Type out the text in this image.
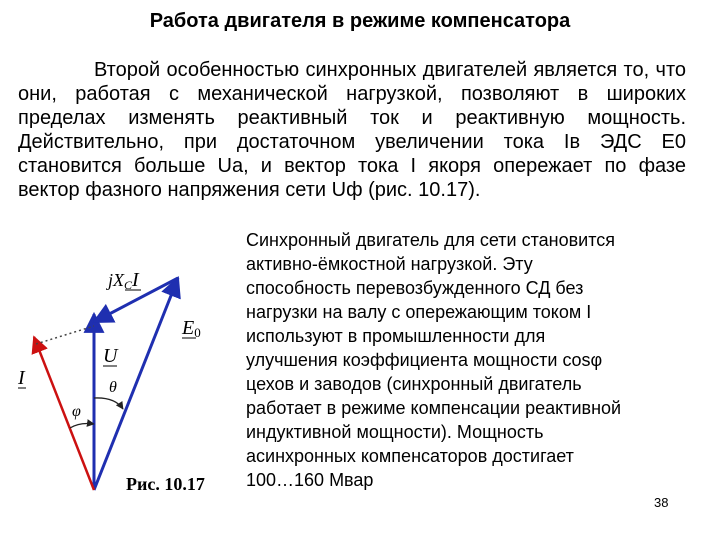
Работа двигателя в режиме компенсатора

Второй особенностью синхронных двигателей является то, что они, работая с механической нагрузкой, позволяют в широких пределах изменять реактивный ток и реактивную мощность. Действительно, при достаточном увеличении тока Iв ЭДС E0 становится больше Ua, и вектор тока I якоря опережает по фазе вектор фазного напряжения сети Uф (рис. 10.17).

jXCI
E0
U
θ
I
φ
Рис. 10.17

Синхронный двигатель для сети становится
активно-ёмкостной нагрузкой. Эту
способность перевозбужденного СД без
нагрузки на валу с опережающим током I
используют в промышленности для
улучшения коэффициента мощности cosφ
цехов и заводов (синхронный двигатель
работает в режиме компенсации реактивной
индуктивной мощности). Мощность
асинхронных компенсаторов достигает
100…160 Мвар

38
